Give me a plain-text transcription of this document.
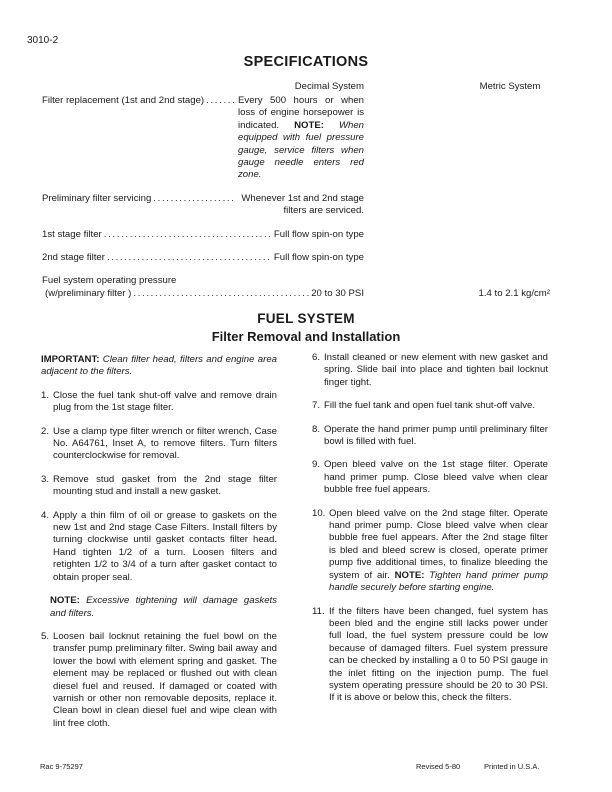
3010-2
SPECIFICATIONS
Decimal System	Metric System
Filter replacement (1st and 2nd stage) . . .	Every 500 hours or when loss of engine horsepower is indicated. NOTE: When equipped with fuel pressure gauge, service filters when gauge needle enters red zone.
Preliminary filter servicing . . .	Whenever 1st and 2nd stage filters are serviced.
1st stage filter . . .	Full flow spin-on type
2nd stage filter . . .	Full flow spin-on type
Fuel system operating pressure
(w/preliminary filter ) . . .	20 to 30 PSI	1.4 to 2.1 kg/cm²
FUEL SYSTEM
Filter Removal and Installation
IMPORTANT: Clean filter head, filters and engine area adjacent to the filters.
1. Close the fuel tank shut-off valve and remove drain plug from the 1st stage filter.
2. Use a clamp type filter wrench or filter wrench, Case No. A64761, Inset A, to remove filters. Turn filters counterclockwise for removal.
3. Remove stud gasket from the 2nd stage filter mounting stud and install a new gasket.
4. Apply a thin film of oil or grease to gaskets on the new 1st and 2nd stage Case Filters. Install filters by turning clockwise until gasket contacts filter head. Hand tighten 1/2 of a turn. Loosen filters and retighten 1/2 to 3/4 of a turn after gasket contact to obtain proper seal.
NOTE: Excessive tightening will damage gaskets and filters.
5. Loosen bail locknut retaining the fuel bowl on the transfer pump preliminary filter. Swing bail away and lower the bowl with element spring and gasket. The element may be replaced or flushed out with clean diesel fuel and reused. If damaged or coated with varnish or other non removable deposits, replace it. Clean bowl in clean diesel fuel and wipe clean with lint free cloth.
6. Install cleaned or new element with new gasket and spring. Slide bail into place and tighten bail locknut finger tight.
7. Fill the fuel tank and open fuel tank shut-off valve.
8. Operate the hand primer pump until preliminary filter bowl is filled with fuel.
9. Open bleed valve on the 1st stage filter. Operate hand primer pump. Close bleed valve when clear bubble free fuel appears.
10. Open bleed valve on the 2nd stage filter. Operate hand primer pump. Close bleed valve when clear bubble free fuel appears. After the 2nd stage filter is bled and bleed screw is closed, operate primer pump five additional times, to finalize bleeding the system of air. NOTE: Tighten hand primer pump handle securely before starting engine.
11. If the filters have been changed, fuel system has been bled and the engine still lacks power under full load, the fuel system pressure could be low because of damaged filters. Fuel system pressure can be checked by installing a 0 to 50 PSI gauge in the inlet fitting on the injection pump. The fuel system operating pressure should be 20 to 30 PSI. If it is above or below this, check the filters.
Rac 9-75297	Revised 5-80	Printed in U.S.A.
